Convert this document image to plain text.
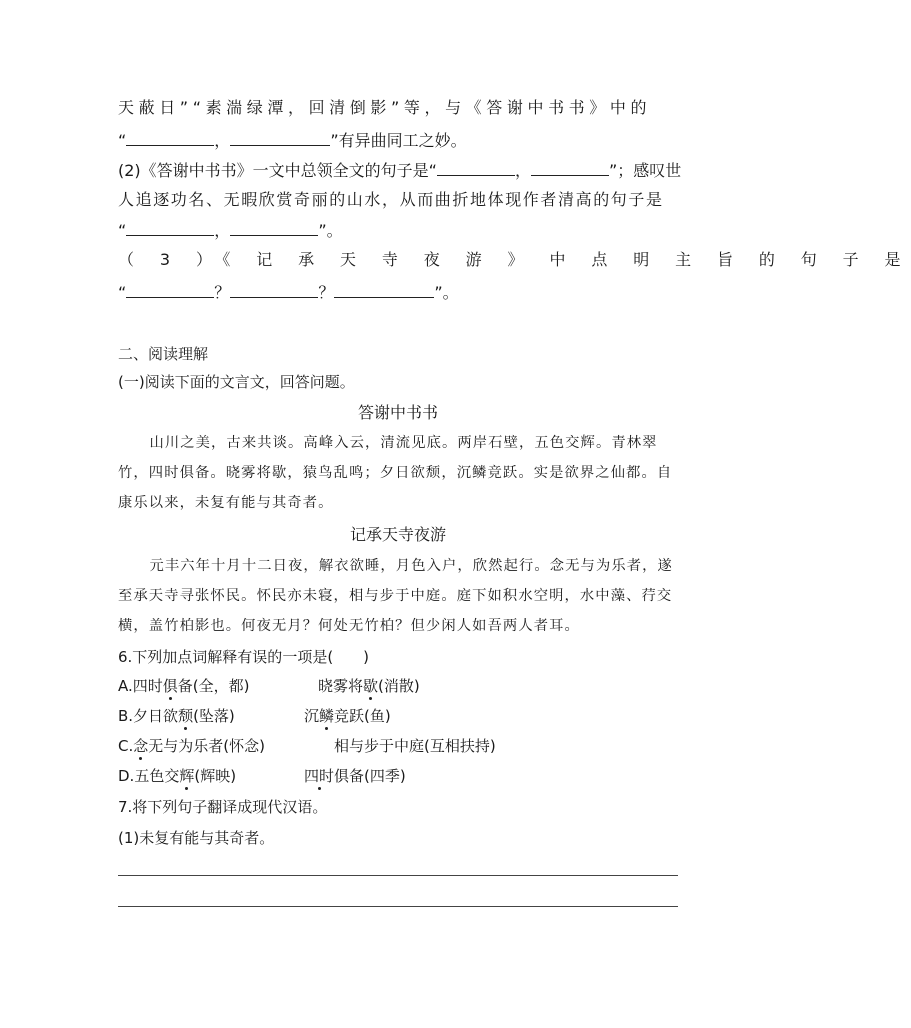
天蔽日”“素湍绿潭，回清倒影”等，与《答谢中书书》中的
“	，	”有异曲同工之妙。
(2)《答谢中书书》一文中总领全文的句子是“	，	”；感叹世
人追逐功名、无暇欣赏奇丽的山水，从而曲折地体现作者清高的句子是
“	，	”。
（ 3 ）《 记 承 天 寺 夜 游 》 中 点 明 主 旨 的 句 子 是
“	？	？	”。
二、阅读理解
(一)阅读下面的文言文，回答问题。
答谢中书书

山川之美，古来共谈。高峰入云，清流见底。两岸石壁，五色交辉。青林翠竹，四时俱备。晓雾将歇，猿鸟乱鸣；夕日欲颓，沉鳞竞跃。实是欲界之仙都。自康乐以来，未复有能与其奇者。

记承天寺夜游

元丰六年十月十二日夜，解衣欲睡，月色入户，欣然起行。念无与为乐者，遂至承天寺寻张怀民。怀民亦未寝，相与步于中庭。庭下如积水空明，水中藻、荇交横，盖竹柏影也。何夜无月？何处无竹柏？但少闲人如吾两人者耳。

6.下列加点词解释有误的一项是(　　)
A.四时俱备(全，都)	晓雾将歇(消散)
B.夕日欲颓(坠落)	沉鳞竞跃(鱼)
C.念无与为乐者(怀念)	相与步于中庭(互相扶持)
D.五色交辉(辉映)	四时俱备(四季)
7.将下列句子翻译成现代汉语。
(1)未复有能与其奇者。
